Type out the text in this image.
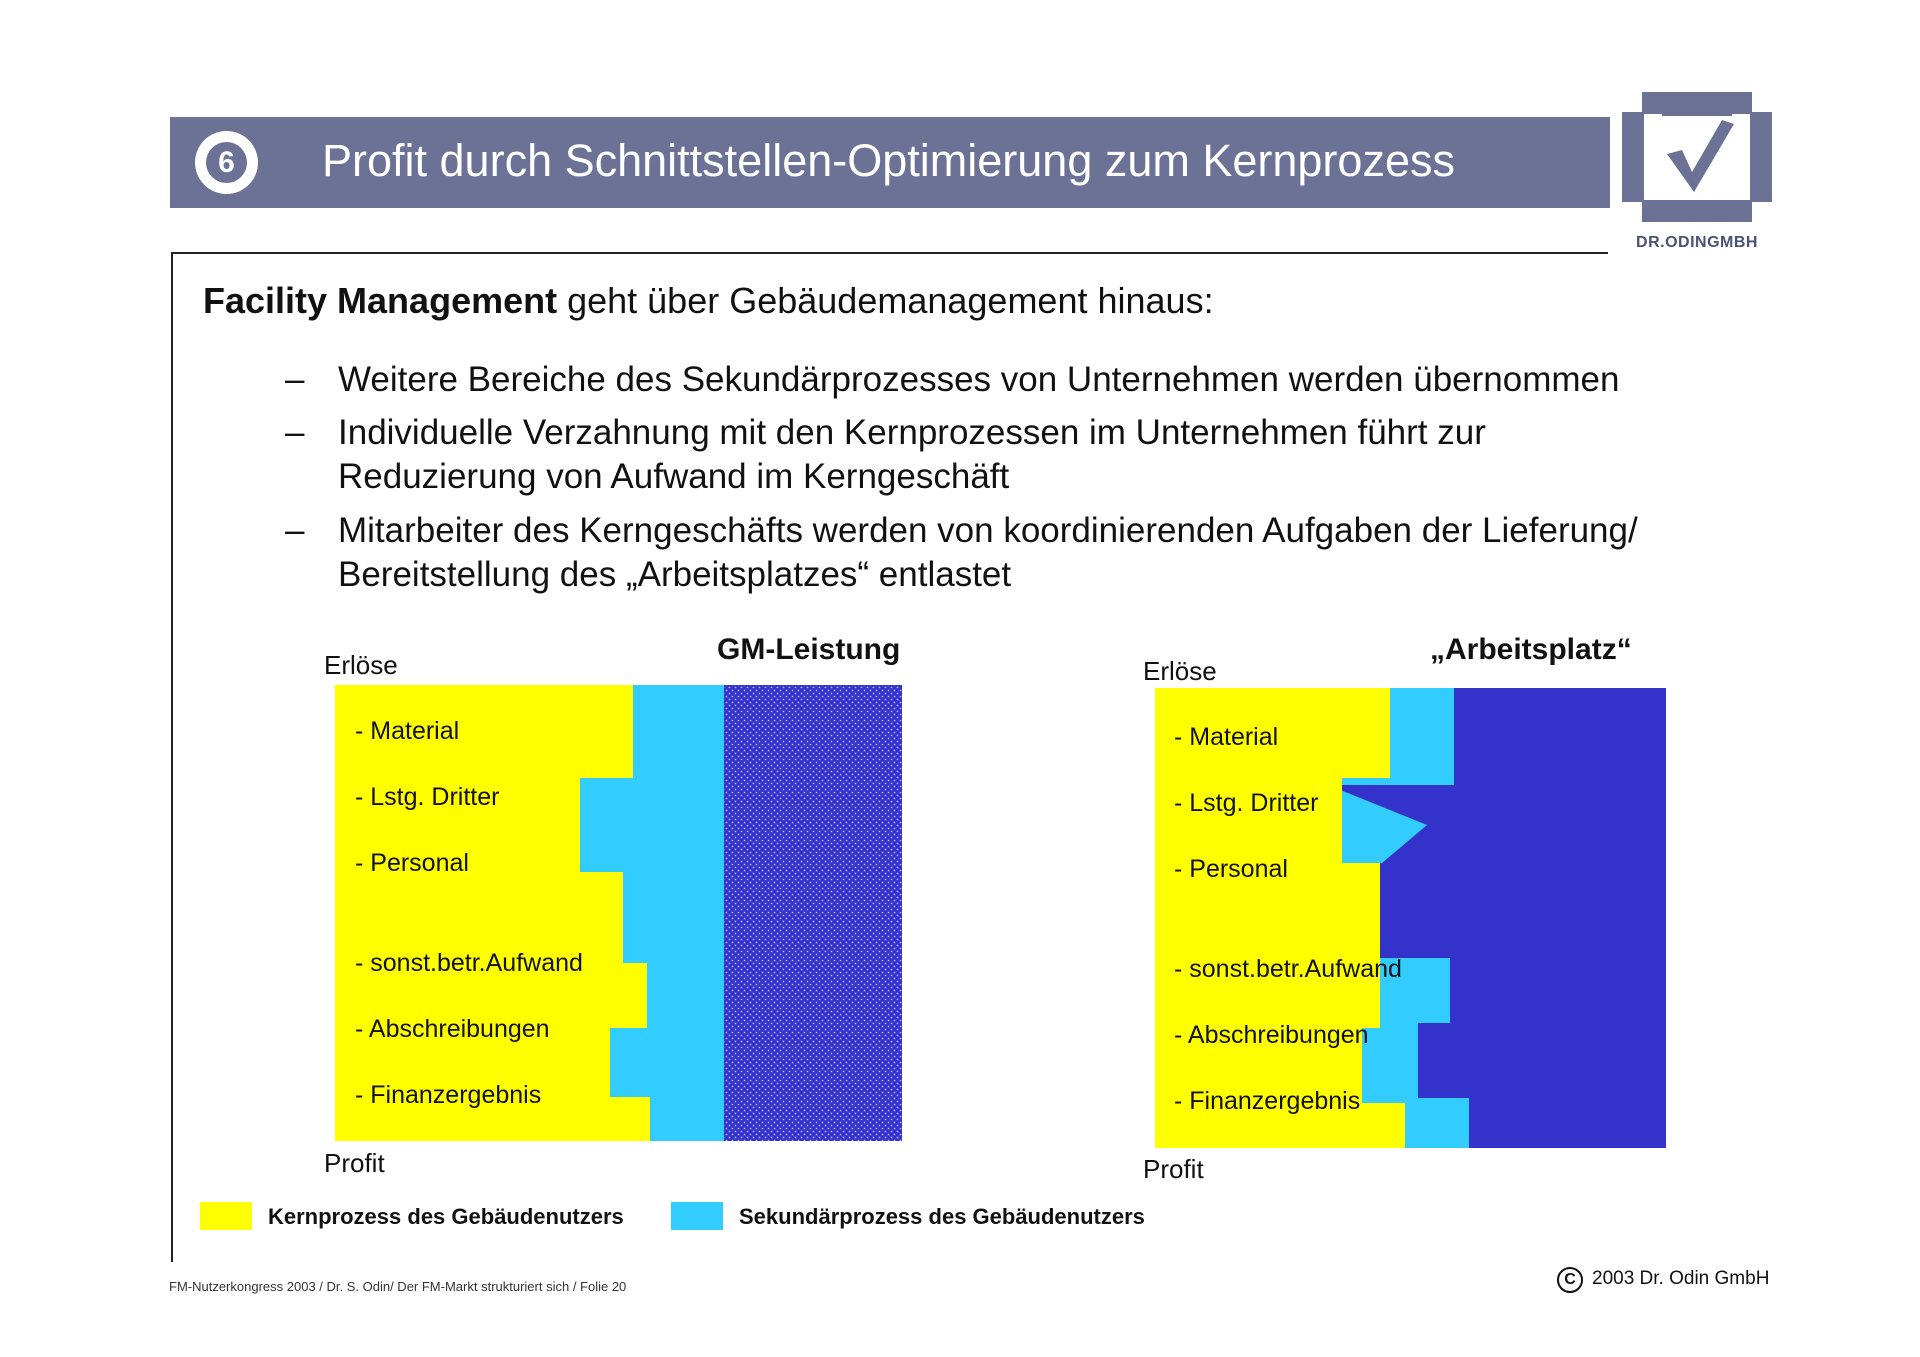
6 Profit durch Schnittstellen-Optimierung zum Kernprozess
DR.ODINGMBH
Facility Management geht über Gebäudemanagement hinaus:
– Weitere Bereiche des Sekundärprozesses von Unternehmen werden übernommen
– Individuelle Verzahnung mit den Kernprozessen im Unternehmen führt zur
Reduzierung von Aufwand im Kerngeschäft
– Mitarbeiter des Kerngeschäfts werden von koordinierenden Aufgaben der Lieferung/
Bereitstellung des „Arbeitsplatzes“ entlastet
GM-Leistung
Erlöse
- Material
- Lstg. Dritter
- Personal
- sonst.betr.Aufwand
- Abschreibungen
- Finanzergebnis
Profit
„Arbeitsplatz“
Erlöse
- Material
- Lstg. Dritter
- Personal
- sonst.betr.Aufwand
- Abschreibungen
- Finanzergebnis
Profit
Kernprozess des Gebäudenutzers	Sekundärprozess des Gebäudenutzers
FM-Nutzerkongress 2003 / Dr. S. Odin/ Der FM-Markt strukturiert sich / Folie 20	C 2003 Dr. Odin GmbH
